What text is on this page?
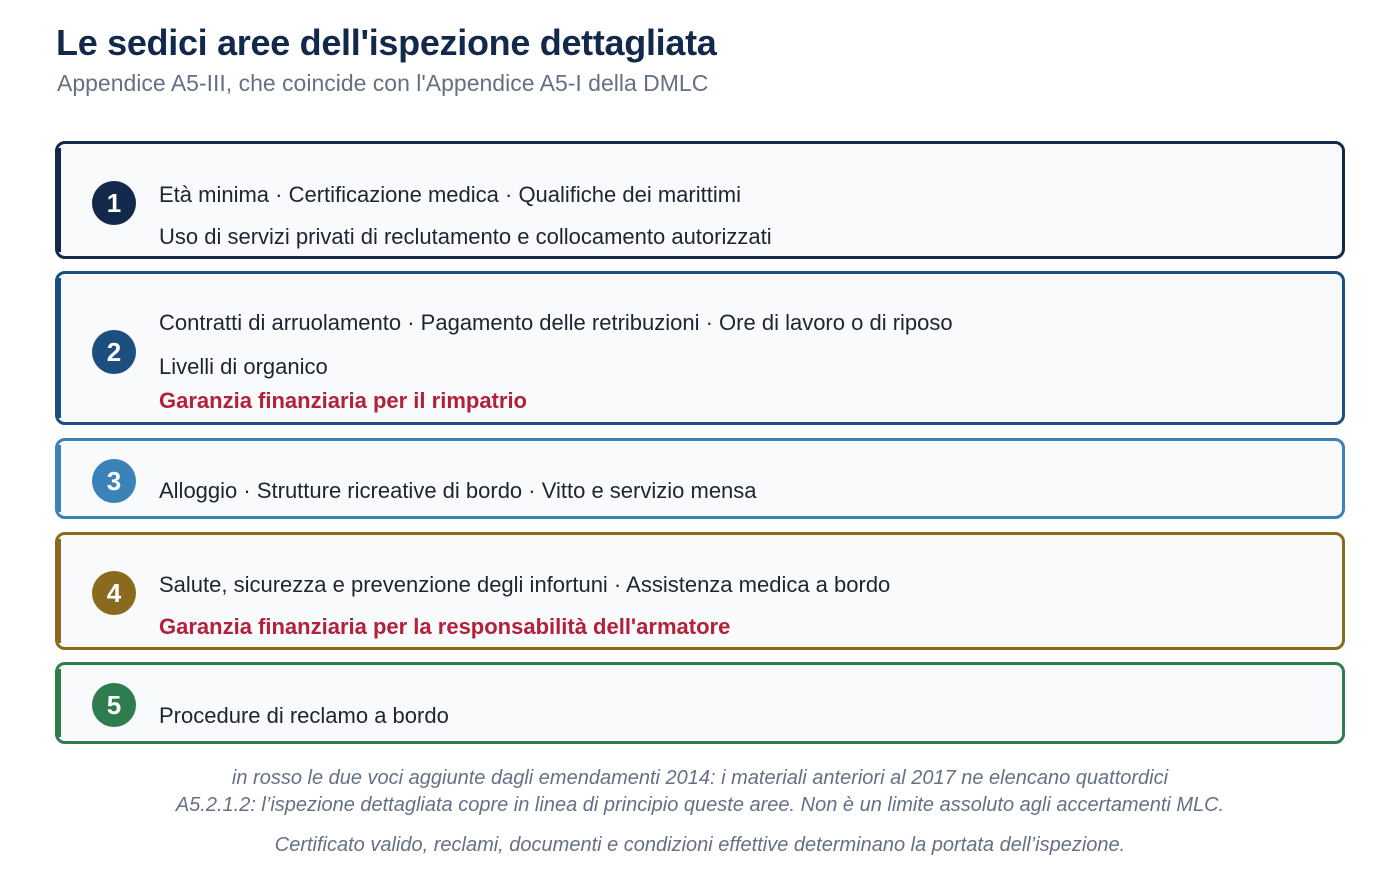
Le sedici aree dell'ispezione dettagliata
Appendice A5-III, che coincide con l'Appendice A5-I della DMLC
1	Età minima · Certificazione medica · Qualifiche dei marittimi
Uso di servizi privati di reclutamento e collocamento autorizzati
2
Contratti di arruolamento · Pagamento delle retribuzioni · Ore di lavoro o di riposo
Livelli di organico
Garanzia finanziaria per il rimpatrio
3	Alloggio · Strutture ricreative di bordo · Vitto e servizio mensa
4	Salute, sicurezza e prevenzione degli infortuni · Assistenza medica a bordo
Garanzia finanziaria per la responsabilità dell'armatore
5	Procedure di reclamo a bordo
in rosso le due voci aggiunte dagli emendamenti 2014: i materiali anteriori al 2017 ne elencano quattordici
A5.2.1.2: l’ispezione dettagliata copre in linea di principio queste aree. Non è un limite assoluto agli accertamenti MLC.
Certificato valido, reclami, documenti e condizioni effettive determinano la portata dell’ispezione.
